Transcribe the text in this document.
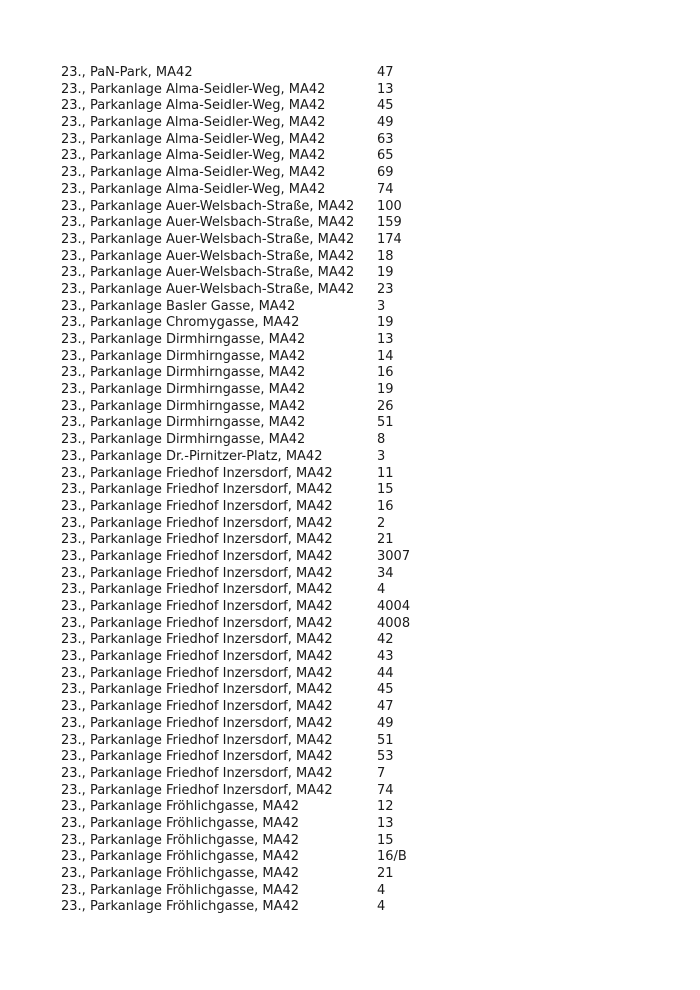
23., PaN-Park, MA42	47
23., Parkanlage Alma-Seidler-Weg, MA42	13
23., Parkanlage Alma-Seidler-Weg, MA42	45
23., Parkanlage Alma-Seidler-Weg, MA42	49
23., Parkanlage Alma-Seidler-Weg, MA42	63
23., Parkanlage Alma-Seidler-Weg, MA42	65
23., Parkanlage Alma-Seidler-Weg, MA42	69
23., Parkanlage Alma-Seidler-Weg, MA42	74
23., Parkanlage Auer-Welsbach-Straße, MA42 100
23., Parkanlage Auer-Welsbach-Straße, MA42 159
23., Parkanlage Auer-Welsbach-Straße, MA42 174
23., Parkanlage Auer-Welsbach-Straße, MA42 18
23., Parkanlage Auer-Welsbach-Straße, MA42 19
23., Parkanlage Auer-Welsbach-Straße, MA42 23
23., Parkanlage Basler Gasse, MA42	3
23., Parkanlage Chromygasse, MA42	19
23., Parkanlage Dirmhirngasse, MA42	13
23., Parkanlage Dirmhirngasse, MA42	14
23., Parkanlage Dirmhirngasse, MA42	16
23., Parkanlage Dirmhirngasse, MA42	19
23., Parkanlage Dirmhirngasse, MA42	26
23., Parkanlage Dirmhirngasse, MA42	51
23., Parkanlage Dirmhirngasse, MA42	8
23., Parkanlage Dr.-Pirnitzer-Platz, MA42	3
23., Parkanlage Friedhof Inzersdorf, MA42	11
23., Parkanlage Friedhof Inzersdorf, MA42	15
23., Parkanlage Friedhof Inzersdorf, MA42	16
23., Parkanlage Friedhof Inzersdorf, MA42	2
23., Parkanlage Friedhof Inzersdorf, MA42	21
23., Parkanlage Friedhof Inzersdorf, MA42	3007
23., Parkanlage Friedhof Inzersdorf, MA42	34
23., Parkanlage Friedhof Inzersdorf, MA42	4
23., Parkanlage Friedhof Inzersdorf, MA42	4004
23., Parkanlage Friedhof Inzersdorf, MA42	4008
23., Parkanlage Friedhof Inzersdorf, MA42	42
23., Parkanlage Friedhof Inzersdorf, MA42	43
23., Parkanlage Friedhof Inzersdorf, MA42	44
23., Parkanlage Friedhof Inzersdorf, MA42	45
23., Parkanlage Friedhof Inzersdorf, MA42	47
23., Parkanlage Friedhof Inzersdorf, MA42	49
23., Parkanlage Friedhof Inzersdorf, MA42	51
23., Parkanlage Friedhof Inzersdorf, MA42	53
23., Parkanlage Friedhof Inzersdorf, MA42	7
23., Parkanlage Friedhof Inzersdorf, MA42	74
23., Parkanlage Fröhlichgasse, MA42	12
23., Parkanlage Fröhlichgasse, MA42	13
23., Parkanlage Fröhlichgasse, MA42	15
23., Parkanlage Fröhlichgasse, MA42	16/B
23., Parkanlage Fröhlichgasse, MA42	21
23., Parkanlage Fröhlichgasse, MA42	4
23., Parkanlage Fröhlichgasse, MA42	4
